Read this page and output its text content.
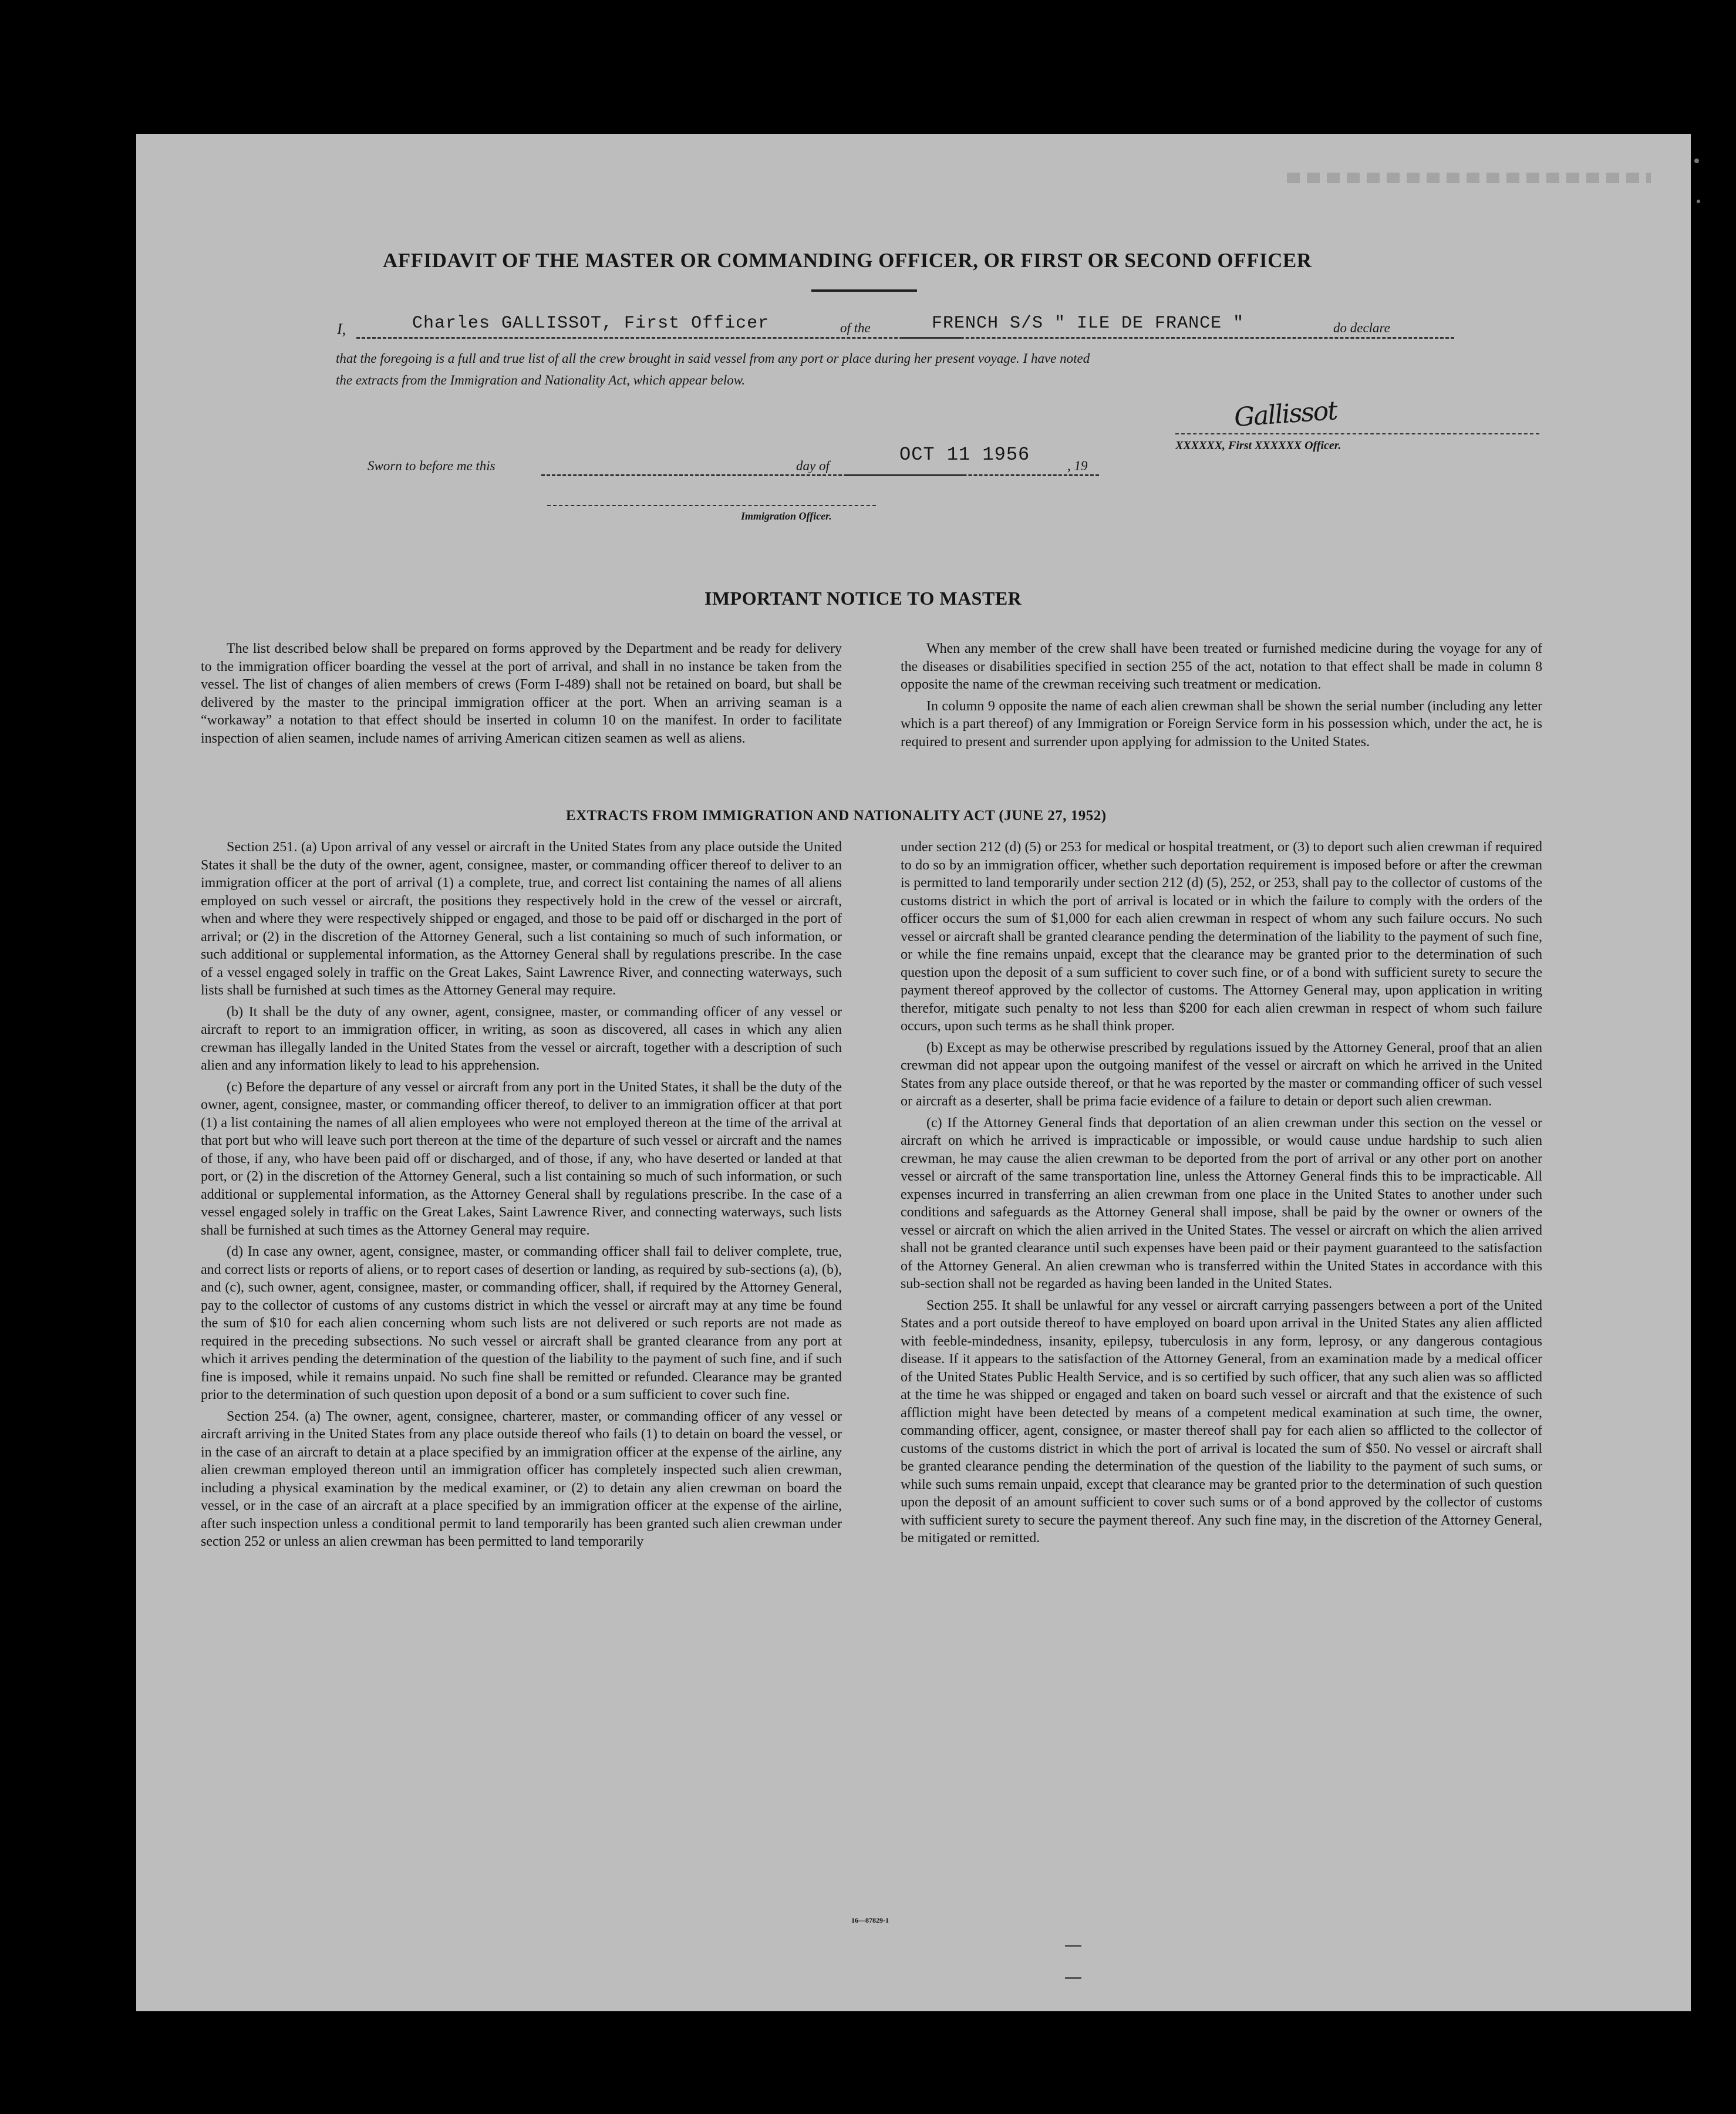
AFFIDAVIT OF THE MASTER OR COMMANDING OFFICER, OR FIRST OR SECOND OFFICER
I,	Charles GALLISSOT, First Officer	of the	FRENCH S/S " ILE DE FRANCE "	do declare
that the foregoing is a full and true list of all the crew brought in said vessel from any port or place during her present voyage. I have noted
the extracts from the Immigration and Nationality Act, which appear below.
Gallissot
XXXXXX, First XXXXXX Officer.
Sworn to before me this	day of
OCT 11 1956
, 19
Immigration Officer.
IMPORTANT NOTICE TO MASTER

The list described below shall be prepared on forms approved by the Department and be ready for delivery to the immigration officer boarding the vessel at the port of arrival, and shall in no instance be taken from the vessel. The list of changes of alien members of crews (Form I-489) shall not be retained on board, but shall be delivered by the master to the principal immigration officer at the port. When an arriving seaman is a “workaway” a notation to that effect should be inserted in column 10 on the manifest. In order to facilitate inspection of alien seamen, include names of arriving American citizen seamen as well as aliens.

When any member of the crew shall have been treated or furnished medicine during the voyage for any of the diseases or disabilities specified in section 255 of the act, notation to that effect shall be made in column 8 opposite the name of the crewman receiving such treatment or medication.

In column 9 opposite the name of each alien crewman shall be shown the serial number (including any letter which is a part thereof) of any Immigration or Foreign Service form in his possession which, under the act, he is required to present and surrender upon applying for admission to the United States.

EXTRACTS FROM IMMIGRATION AND NATIONALITY ACT (JUNE 27, 1952)

Section 251. (a) Upon arrival of any vessel or aircraft in the United States from any place outside the United States it shall be the duty of the owner, agent, consignee, master, or commanding officer thereof to deliver to an immigration officer at the port of arrival (1) a complete, true, and correct list containing the names of all aliens employed on such vessel or aircraft, the positions they respectively hold in the crew of the vessel or aircraft, when and where they were respectively shipped or engaged, and those to be paid off or discharged in the port of arrival; or (2) in the discretion of the Attorney General, such a list containing so much of such information, or such additional or supplemental information, as the Attorney General shall by regulations prescribe. In the case of a vessel engaged solely in traffic on the Great Lakes, Saint Lawrence River, and connecting waterways, such lists shall be furnished at such times as the Attorney General may require.

(b) It shall be the duty of any owner, agent, consignee, master, or commanding officer of any vessel or aircraft to report to an immigration officer, in writing, as soon as discovered, all cases in which any alien crewman has illegally landed in the United States from the vessel or aircraft, together with a description of such alien and any information likely to lead to his apprehension.

(c) Before the departure of any vessel or aircraft from any port in the United States, it shall be the duty of the owner, agent, consignee, master, or commanding officer thereof, to deliver to an immigration officer at that port (1) a list containing the names of all alien employees who were not employed thereon at the time of the arrival at that port but who will leave such port thereon at the time of the departure of such vessel or aircraft and the names of those, if any, who have been paid off or discharged, and of those, if any, who have deserted or landed at that port, or (2) in the discretion of the Attorney General, such a list containing so much of such information, or such additional or supplemental information, as the Attorney General shall by regulations prescribe. In the case of a vessel engaged solely in traffic on the Great Lakes, Saint Lawrence River, and connecting waterways, such lists shall be furnished at such times as the Attorney General may require.

(d) In case any owner, agent, consignee, master, or commanding officer shall fail to deliver complete, true, and correct lists or reports of aliens, or to report cases of desertion or landing, as required by sub-sections (a), (b), and (c), such owner, agent, consignee, master, or commanding officer, shall, if required by the Attorney General, pay to the collector of customs of any customs district in which the vessel or aircraft may at any time be found the sum of $10 for each alien concerning whom such lists are not delivered or such reports are not made as required in the preceding subsections. No such vessel or aircraft shall be granted clearance from any port at which it arrives pending the determination of the question of the liability to the payment of such fine, and if such fine is imposed, while it remains unpaid. No such fine shall be remitted or refunded. Clearance may be granted prior to the determination of such question upon deposit of a bond or a sum sufficient to cover such fine.

Section 254. (a) The owner, agent, consignee, charterer, master, or commanding officer of any vessel or aircraft arriving in the United States from any place outside thereof who fails (1) to detain on board the vessel, or in the case of an aircraft to detain at a place specified by an immigration officer at the expense of the airline, any alien crewman employed thereon until an immigration officer has completely inspected such alien crewman, including a physical examination by the medical examiner, or (2) to detain any alien crewman on board the vessel, or in the case of an aircraft at a place specified by an immigration officer at the expense of the airline, after such inspection unless a conditional permit to land temporarily has been granted such alien crewman under section 252 or unless an alien crewman has been permitted to land temporarily

under section 212 (d) (5) or 253 for medical or hospital treatment, or (3) to deport such alien crewman if required to do so by an immigration officer, whether such deportation requirement is imposed before or after the crewman is permitted to land temporarily under section 212 (d) (5), 252, or 253, shall pay to the collector of customs of the customs district in which the port of arrival is located or in which the failure to comply with the orders of the officer occurs the sum of $1,000 for each alien crewman in respect of whom any such failure occurs. No such vessel or aircraft shall be granted clearance pending the determination of the liability to the payment of such fine, or while the fine remains unpaid, except that the clearance may be granted prior to the determination of such question upon the deposit of a sum sufficient to cover such fine, or of a bond with sufficient surety to secure the payment thereof approved by the collector of customs. The Attorney General may, upon application in writing therefor, mitigate such penalty to not less than $200 for each alien crewman in respect of whom such failure occurs, upon such terms as he shall think proper.

(b) Except as may be otherwise prescribed by regulations issued by the Attorney General, proof that an alien crewman did not appear upon the outgoing manifest of the vessel or aircraft on which he arrived in the United States from any place outside thereof, or that he was reported by the master or commanding officer of such vessel or aircraft as a deserter, shall be prima facie evidence of a failure to detain or deport such alien crewman.

(c) If the Attorney General finds that deportation of an alien crewman under this section on the vessel or aircraft on which he arrived is impracticable or impossible, or would cause undue hardship to such alien crewman, he may cause the alien crewman to be deported from the port of arrival or any other port on another vessel or aircraft of the same transportation line, unless the Attorney General finds this to be impracticable. All expenses incurred in transferring an alien crewman from one place in the United States to another under such conditions and safeguards as the Attorney General shall impose, shall be paid by the owner or owners of the vessel or aircraft on which the alien arrived in the United States. The vessel or aircraft on which the alien arrived shall not be granted clearance until such expenses have been paid or their payment guaranteed to the satisfaction of the Attorney General. An alien crewman who is transferred within the United States in accordance with this sub-section shall not be regarded as having been landed in the United States.

Section 255. It shall be unlawful for any vessel or aircraft carrying passengers between a port of the United States and a port outside thereof to have employed on board upon arrival in the United States any alien afflicted with feeble-mindedness, insanity, epilepsy, tuberculosis in any form, leprosy, or any dangerous contagious disease. If it appears to the satisfaction of the Attorney General, from an examination made by a medical officer of the United States Public Health Service, and is so certified by such officer, that any such alien was so afflicted at the time he was shipped or engaged and taken on board such vessel or aircraft and that the existence of such affliction might have been detected by means of a competent medical examination at such time, the owner, commanding officer, agent, consignee, or master thereof shall pay for each alien so afflicted to the collector of customs of the customs district in which the port of arrival is located the sum of $50. No vessel or aircraft shall be granted clearance pending the determination of the question of the liability to the payment of such sums, or while such sums remain unpaid, except that clearance may be granted prior to the determination of such question upon the deposit of an amount sufficient to cover such sums or of a bond approved by the collector of customs with sufficient surety to secure the payment thereof. Any such fine may, in the discretion of the Attorney General, be mitigated or remitted.

16—87829-1
